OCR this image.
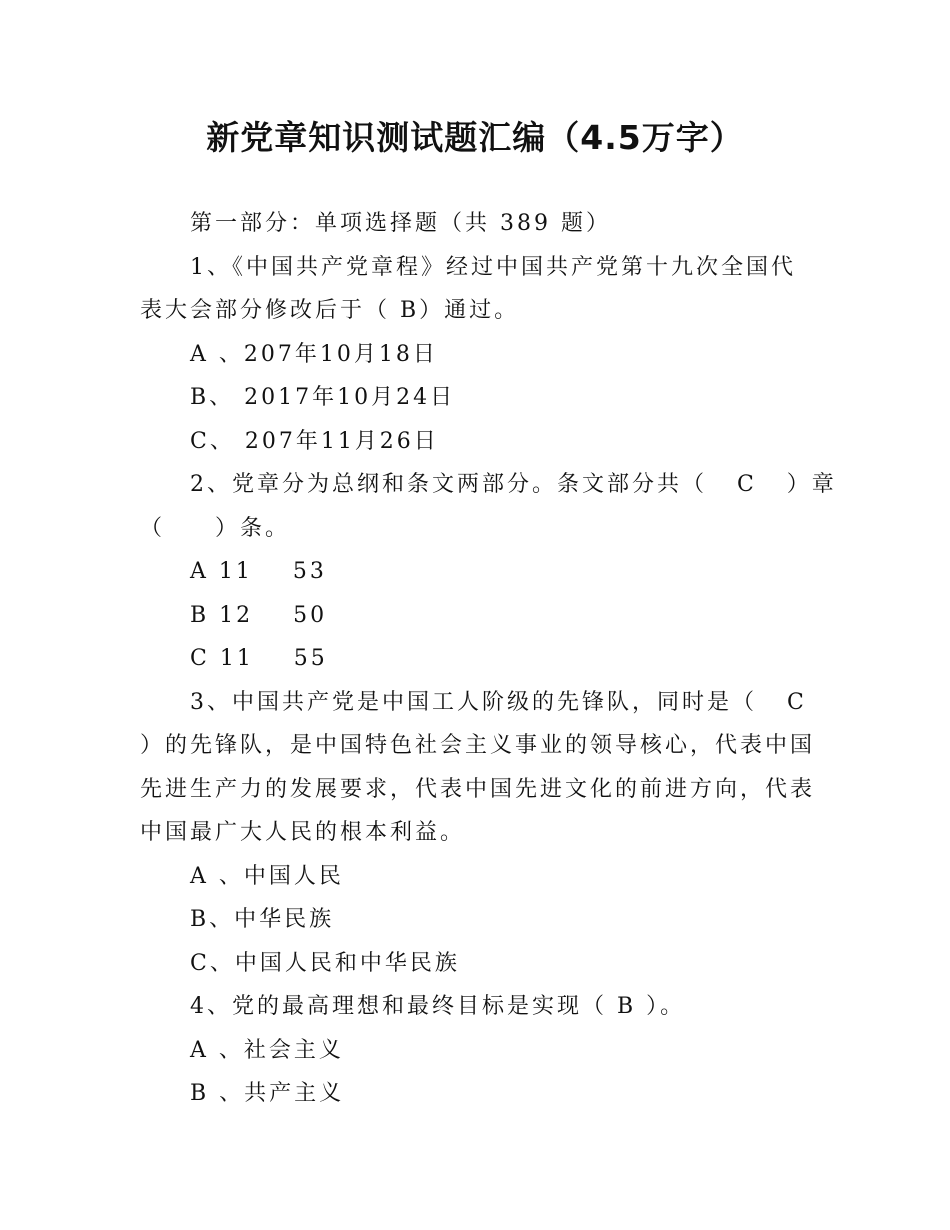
新党章知识测试题汇编（4.5万字）
第一部分：单项选择题（共 389 题）
1、《中国共产党章程》经过中国共产党第十九次全国代
表大会部分修改后于（ B）通过。
A 、207年10月18日
B、 2017年10月24日
C、 207年11月26日
2、党章分为总纲和条文两部分。条文部分共（   C   ）章
（     ）条。
A 11    53
B 12    50
C 11    55
3、中国共产党是中国工人阶级的先锋队，同时是（   C
）的先锋队，是中国特色社会主义事业的领导核心，代表中国
先进生产力的发展要求，代表中国先进文化的前进方向，代表
中国最广大人民的根本利益。
A 、中国人民
B、中华民族
C、中国人民和中华民族
4、党的最高理想和最终目标是实现（ B ）。
A 、社会主义
B 、共产主义
